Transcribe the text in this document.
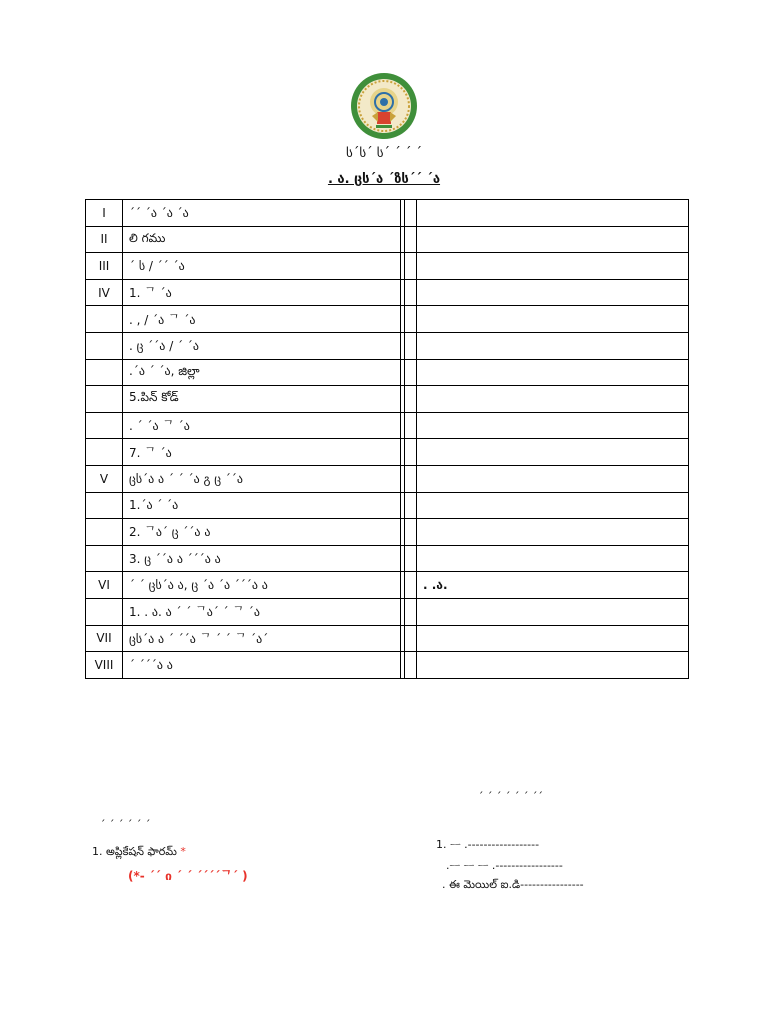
ს´ს´ ს´ ´ ´ ´
. ა. ცს´ა ´ზს´´ ´ა
I	´´ ´ა ´ა ´ა			
II	లి గము			
III	´ ს / ´´ ´ა			
IV	1. ᄀ ´ა			
	. , / ´ა ᄀ ´ა			
	. ც ´´ა / ´ ´ა			
	.´ა ´ ´ა, జిల్లా			
	5.పిన్ కోడ్			
	. ´ ´ა ᄀ ´ა			
	7. ᄀ ´ა			
V	ცს´ა ა ´ ´ ´ა გ ც ´´ა			
	1.´ა ´ ´ა			
	2. ᄀა´ ც ´´ა ა			
	3. ც ´´ა ა ´´´ა ა			
VI	´ ´ ცს´ა ა, ც ´ა ´ა ´´´ა ა			. .ა.
	1. . ა. ა ´ ´ ᄀა´ ´ ᄀ ´ა			
VII	ცს´ა ა ´ ´´ა ᄀ ´ ´ ᄀ ´ა´			
VIII	´ ´´´ა ა			
´ ´ ´ ´ ´ ´ ´´
´ ´ ´ ´ ´ ´
1. అప్లికేషన్ ఫారమ్ *
(*- ´´ ი ´ ´ ´´´´ᄀ´ )
1. ᅳ .------------------
.ᅳ ᅳ ᅳ .-----------------
. ఈ మెయిల్ ఐ.డి----------------
